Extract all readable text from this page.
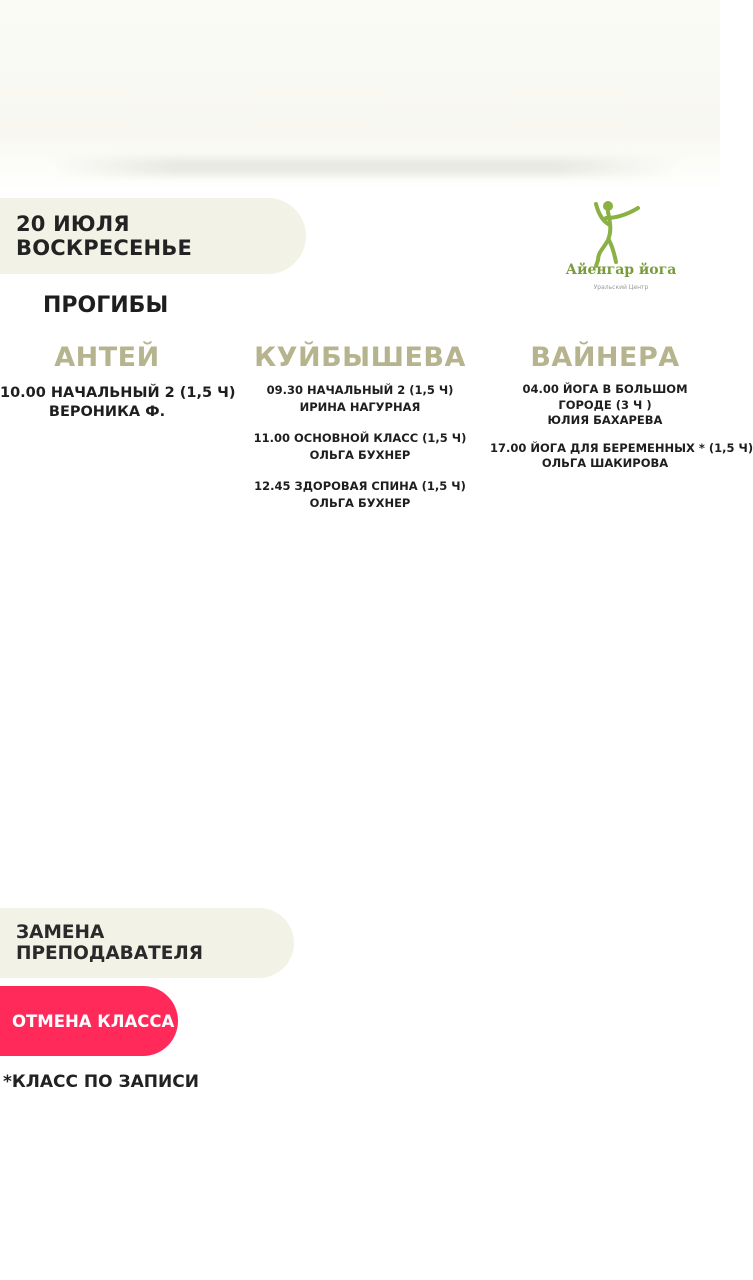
20 ИЮЛЯ ВОСКРЕСЕНЬЕ
Айенгар йога
Уральский Центр
ПРОГИБЫ
АНТЕЙ
10.00 НАЧАЛЬНЫЙ 2 (1,5 Ч)
ВЕРОНИКА Ф.
КУЙБЫШЕВА
09.30 НАЧАЛЬНЫЙ 2 (1,5 Ч)
ИРИНА НАГУРНАЯ
11.00 ОСНОВНОЙ КЛАСС (1,5 Ч)
ОЛЬГА БУХНЕР
12.45 ЗДОРОВАЯ СПИНА (1,5 Ч)
ОЛЬГА БУХНЕР
ВАЙНЕРА
04.00 ЙОГА В БОЛЬШОМ
ГОРОДЕ (3 Ч )
ЮЛИЯ БАХАРЕВА
17.00 ЙОГА ДЛЯ БЕРЕМЕННЫХ * (1,5 Ч)
ОЛЬГА ШАКИРОВА
ЗАМЕНА ПРЕПОДАВАТЕЛЯ
ОТМЕНА КЛАССА
*КЛАСС ПО ЗАПИСИ
